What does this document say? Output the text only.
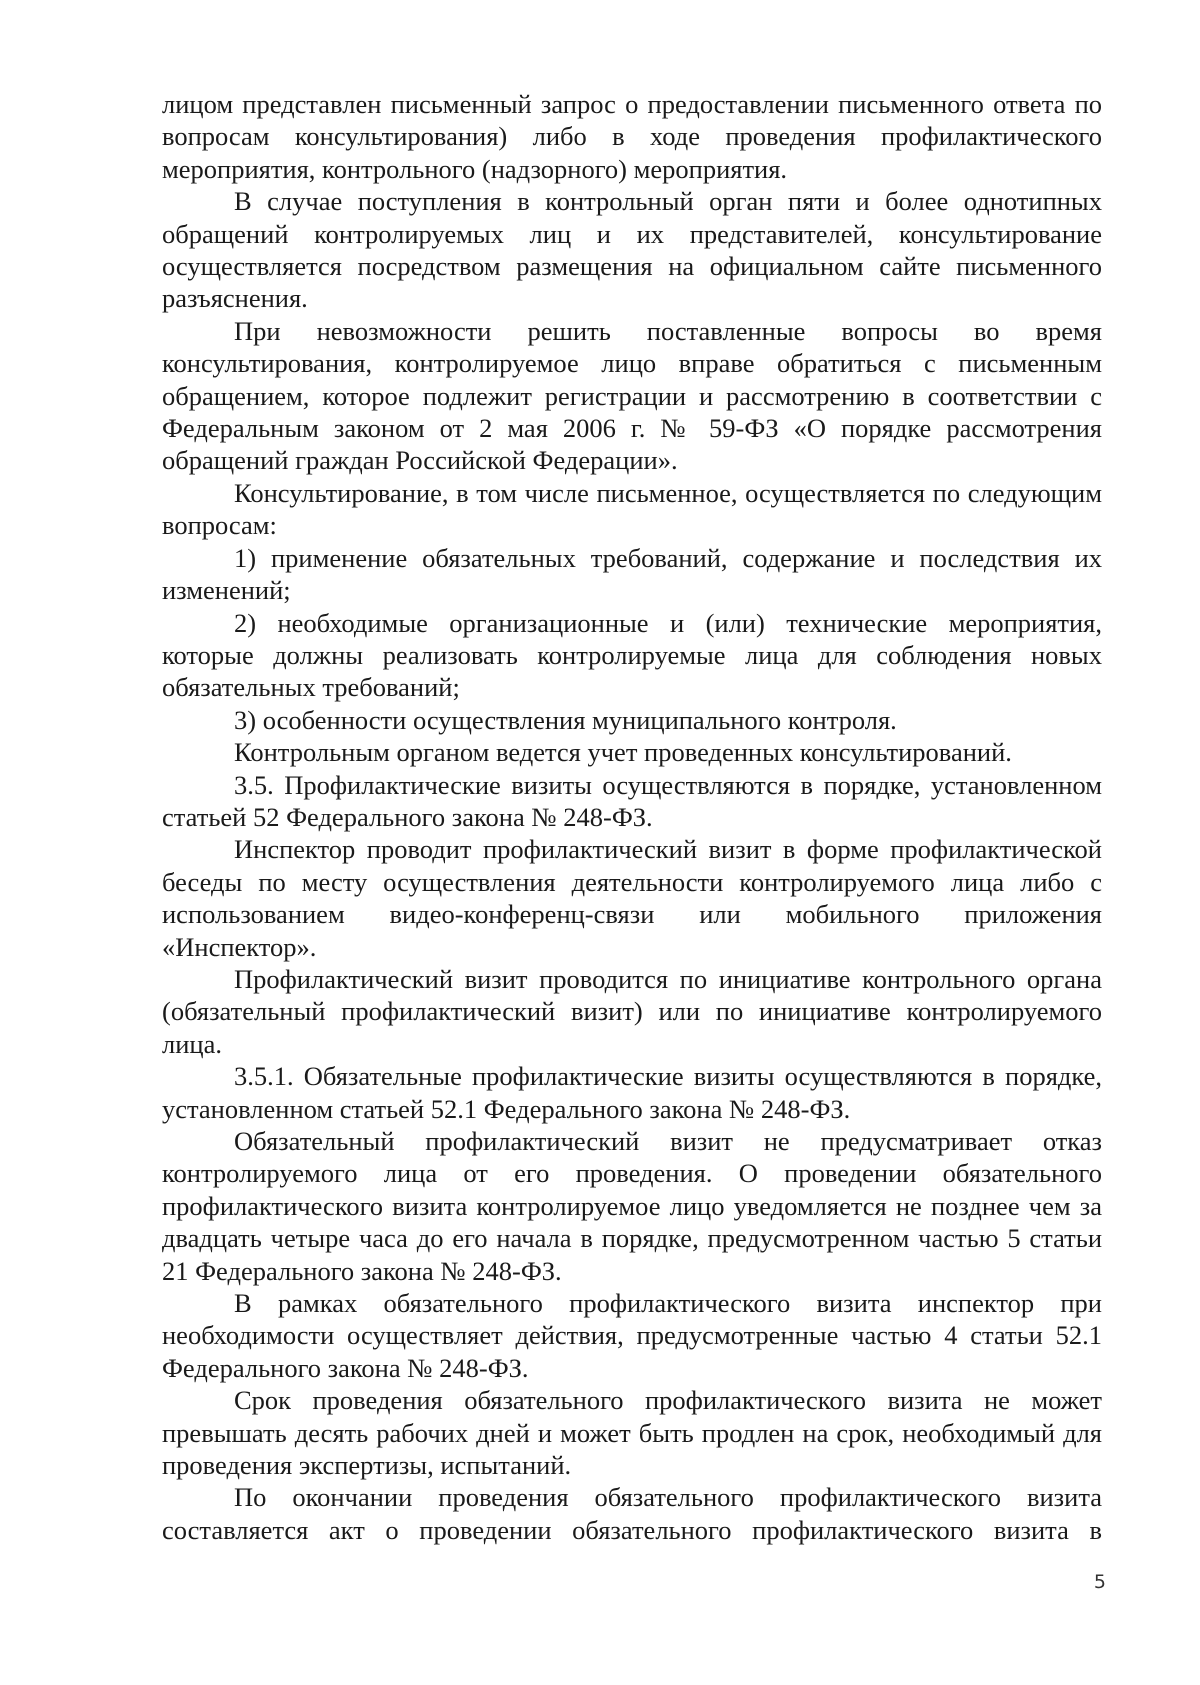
лицом представлен письменный запрос о предоставлении письменного ответа по вопросам консультирования) либо в ходе проведения профилактического мероприятия, контрольного (надзорного) мероприятия.

В случае поступления в контрольный орган пяти и более однотипных обращений контролируемых лиц и их представителей, консультирование осуществляется посредством размещения на официальном сайте письменного разъяснения.

При невозможности решить поставленные вопросы во время консультирования, контролируемое лицо вправе обратиться с письменным обращением, которое подлежит регистрации и рассмотрению в соответствии с Федеральным законом от 2 мая 2006 г. № 59-ФЗ «О порядке рассмотрения обращений граждан Российской Федерации».

Консультирование, в том числе письменное, осуществляется по следующим вопросам:

1) применение обязательных требований, содержание и последствия их изменений;

2) необходимые организационные и (или) технические мероприятия, которые должны реализовать контролируемые лица для соблюдения новых обязательных требований;

3) особенности осуществления муниципального контроля.

Контрольным органом ведется учет проведенных консультирований.

3.5. Профилактические визиты осуществляются в порядке, установленном статьей 52 Федерального закона № 248-ФЗ.

Инспектор проводит профилактический визит в форме профилактической беседы по месту осуществления деятельности контролируемого лица либо с использованием видео-конференц-связи или мобильного приложения «Инспектор».

Профилактический визит проводится по инициативе контрольного органа (обязательный профилактический визит) или по инициативе контролируемого лица.

3.5.1. Обязательные профилактические визиты осуществляются в порядке, установленном статьей 52.1 Федерального закона № 248-ФЗ.

Обязательный профилактический визит не предусматривает отказ контролируемого лица от его проведения. О проведении обязательного профилактического визита контролируемое лицо уведомляется не позднее чем за двадцать четыре часа до его начала в порядке, предусмотренном частью 5 статьи 21 Федерального закона № 248-ФЗ.

В рамках обязательного профилактического визита инспектор при необходимости осуществляет действия, предусмотренные частью 4 статьи 52.1 Федерального закона № 248-ФЗ.

Срок проведения обязательного профилактического визита не может превышать десять рабочих дней и может быть продлен на срок, необходимый для проведения экспертизы, испытаний.

По окончании проведения обязательного профилактического визита составляется акт о проведении обязательного профилактического визита в

5
